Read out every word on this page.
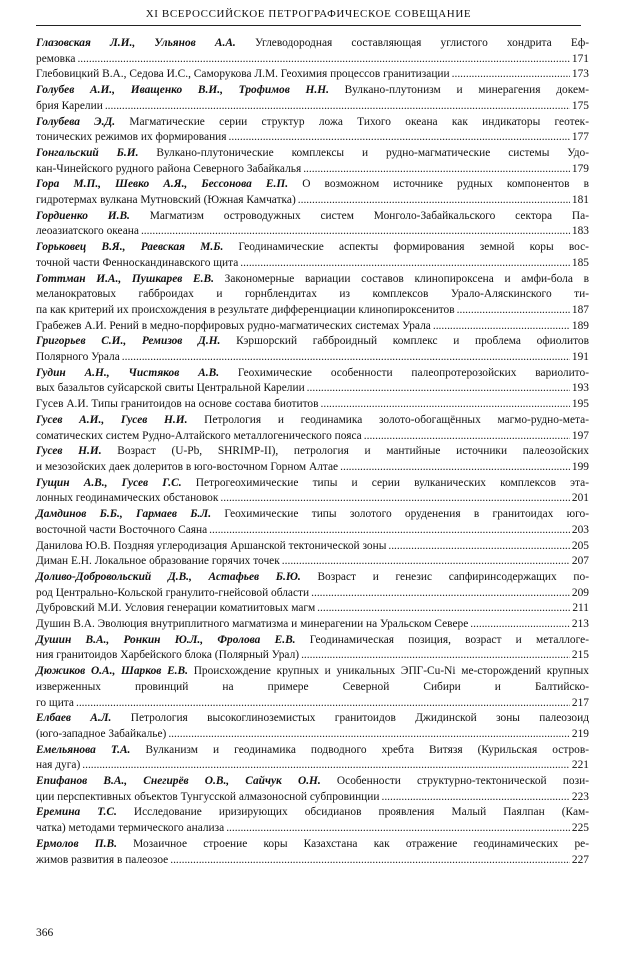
XI ВСЕРОССИЙСКОЕ ПЕТРОГРАФИЧЕСКОЕ СОВЕЩАНИЕ

Глазовская Л.И., Ульянов А.А. Углеводородная составляющая углистого хондрита Еф-

ремовка .....	171
Глебовицкий В.А., Седова И.С., Саморукова Л.М. Геохимия процессов гранитизации .....	173

Голубев А.И., Иващенко В.И., Трофимов Н.Н. Вулкано-плутонизм и минерагения докем-

брия Карелии .....	175

Голубева Э.Д. Магматические серии структур ложа Тихого океана как индикаторы геотек-

тонических режимов их формирования .....	177

Гонгальский Б.И. Вулкано-плутонические комплексы и рудно-магматические системы Удо-

кан-Чинейского рудного района Северного Забайкалья .....	179

Гора М.П., Шевко А.Я., Бессонова Е.П. О возможном источнике рудных компонентов в

гидротермах вулкана Мутновский (Южная Камчатка) .....	181

Гордиенко И.В. Магматизм островодужных систем Монголо-Забайкальского сектора Па-

леоазиатского океана .....	183

Горьковец В.Я., Раевская М.Б. Геодинамические аспекты формирования земной коры вос-

точной части Фенноскандинавского щита .....	185

Готтман И.А., Пушкарев Е.В. Закономерные вариации составов клинопироксена и амфи-бола в меланократовых габброидах и горнблендитах из комплексов Урало-Аляскинского ти-

па как критерий их происхождения в результате дифференциации клинопироксенитов .....	187
Грабежев А.И. Рений в медно-порфировых рудно-магматических системах Урала .....	189

Григорьев С.И., Ремизов Д.Н. Кэршорский габброидный комплекс и проблема офиолитов

Полярного Урала .....	191

Гудин А.Н., Чистяков А.В. Геохимические особенности палеопротерозойских вариолито-

вых базальтов суйсарской свиты Центральной Карелии .....	193
Гусев А.И. Типы гранитоидов на основе состава биотитов .....	195

Гусев А.И., Гусев Н.И. Петрология и геодинамика золото-обогащённых магмо-рудно-мета-

соматических систем Рудно-Алтайского металлогенического пояса .....	197

Гусев Н.И. Возраст (U-Pb, SHRIMP-II), петрология и мантийные источники палеозойских

и мезозойских даек долеритов в юго-восточном Горном Алтае .....	199

Гущин А.В., Гусев Г.С. Петрогеохимические типы и серии вулканических комплексов эта-

лонных геодинамических обстановок .....	201

Дамдинов Б.Б., Гармаев Б.Л. Геохимические типы золотого оруденения в гранитоидах юго-

восточной части Восточного Саяна .....	203
Данилова Ю.В. Поздняя углеродизация Аршанской тектонической зоны .....	205
Диман Е.Н. Локальное образование горячих точек .....	207

Доливо-Добровольский Д.В., Астафьев Б.Ю. Возраст и генезис сапфиринсодержащих по-

род Центрально-Кольской гранулито-гнейсовой области .....	209
Дубровский М.И. Условия генерации коматиитовых магм .....	211
Душин В.А. Эволюция внутриплитного магматизма и минерагении на Уральском Севере .....	213

Душин В.А., Ронкин Ю.Л., Фролова Е.В. Геодинамическая позиция, возраст и металлоге-

ния гранитоидов Харбейского блока (Полярный Урал) .....	215

Дюжиков О.А., Шарков Е.В. Происхождение крупных и уникальных ЭПГ-Cu-Ni ме-сторождений крупных изверженных провинций на примере Северной Сибири и Балтийско-

го щита .....	217

Елбаев А.Л. Петрология высокоглиноземистых гранитоидов Джидинской зоны палеозоид

(юго-западное Забайкалье) .....	219

Емельянова Т.А. Вулканизм и геодинамика подводного хребта Витязя (Курильская остров-

ная дуга) .....	221

Епифанов В.А., Снегирёв О.В., Сайчук О.Н. Особенности структурно-тектонической пози-

ции перспективных объектов Тунгусской алмазоносной субпровинции .....	223

Еремина Т.С. Исследование иризирующих обсидианов проявления Малый Паялпан (Кам-

чатка) методами термического анализа .....	225

Ермолов П.В. Мозаичное строение коры Казахстана как отражение геодинамических ре-

жимов развития в палеозое .....	227
366
